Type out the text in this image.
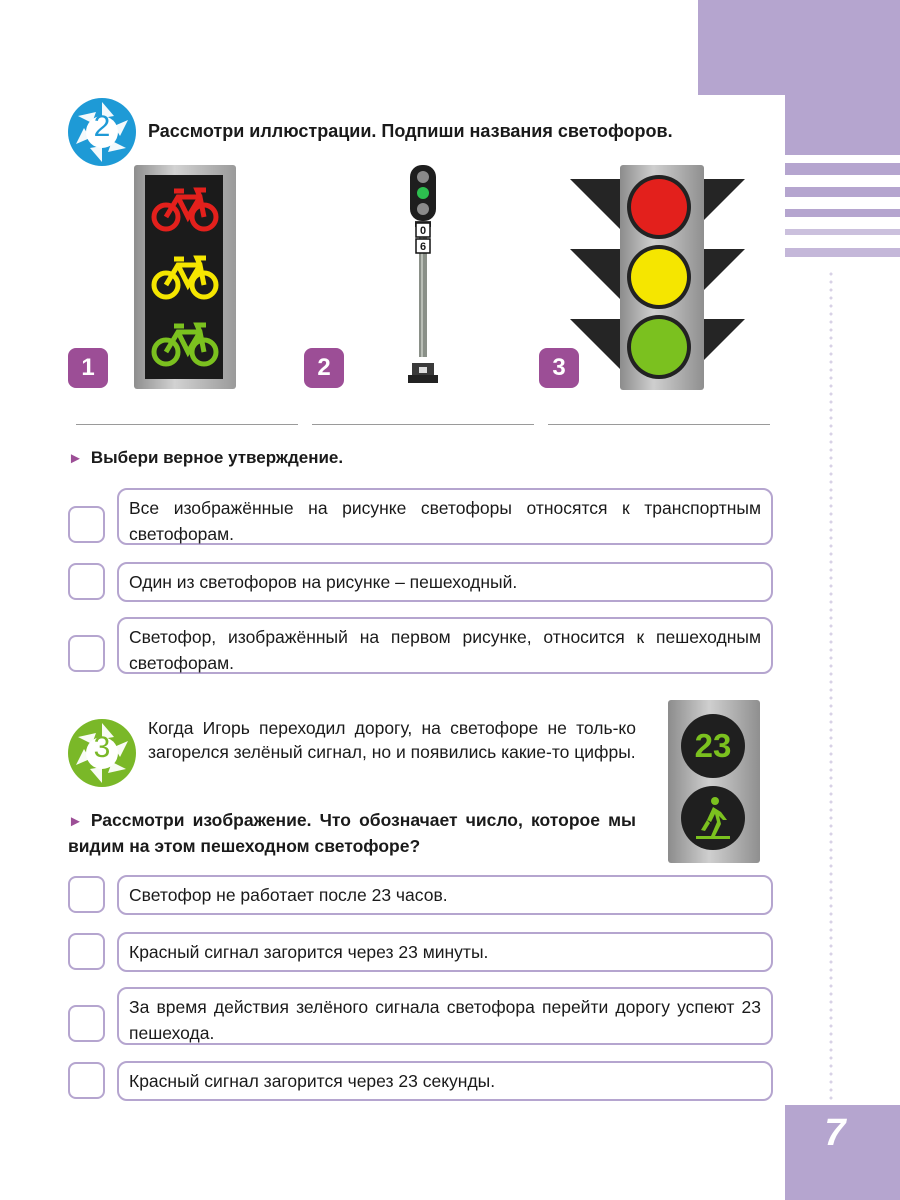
7
2	Рассмотри иллюстрации. Подпиши названия светофоров.
1
0
6
2	3
► Выбери верное утверждение.
Все изображённые на рисунке светофоры относятся к транспортным светофорам.
Один из светофоров на рисунке – пешеходный.
Светофор, изображённый на первом рисунке, относится к пешеходным светофорам.
3
Когда Игорь переходил дорогу, на светофоре не толь-ко загорелся зелёный сигнал, но и появились какие-то цифры.
► Рассмотри изображение. Что обозначает число, которое мы видим на этом пешеходном светофоре?
23
Светофор не работает после 23 часов.
Красный сигнал загорится через 23 минуты.
За время действия зелёного сигнала светофора перейти дорогу успеют 23 пешехода.
Красный сигнал загорится через 23 секунды.
